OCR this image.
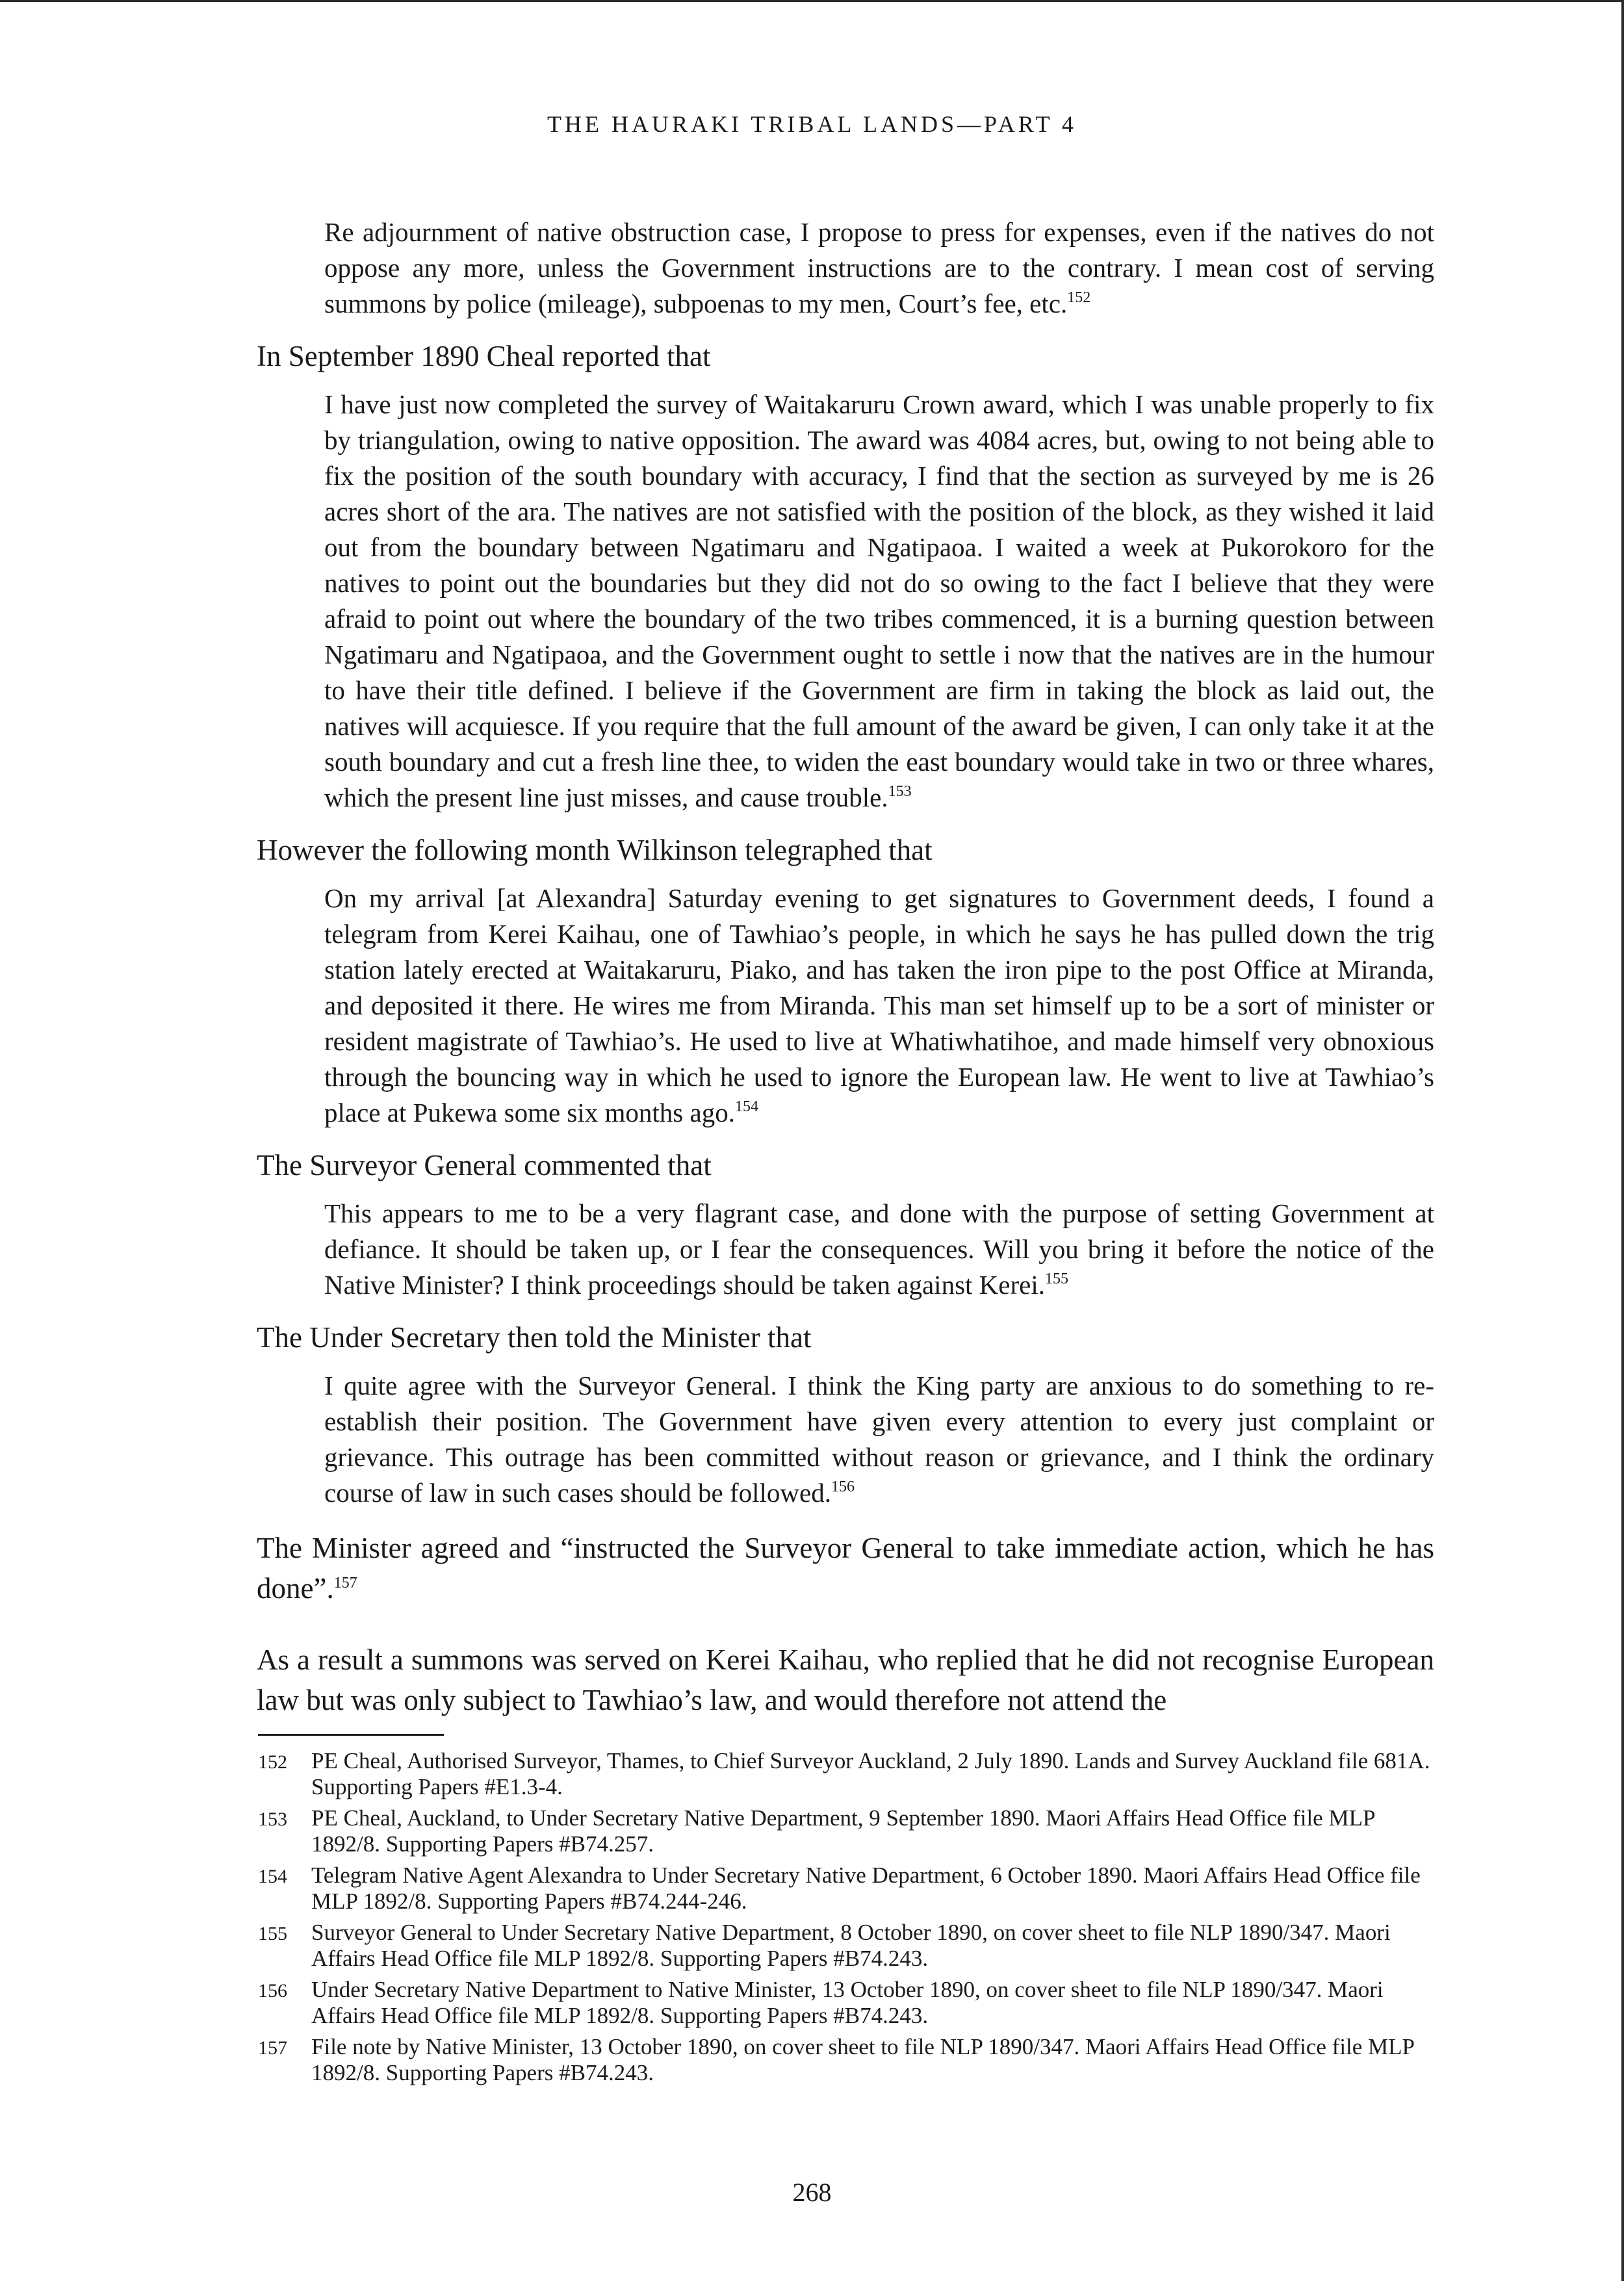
THE HAURAKI TRIBAL LANDS—PART 4
Re adjournment of native obstruction case, I propose to press for expenses, even if the natives do not oppose any more, unless the Government instructions are to the contrary. I mean cost of serving summons by police (mileage), subpoenas to my men, Court’s fee, etc.$^{152}$
In September 1890 Cheal reported that
I have just now completed the survey of Waitakaruru Crown award, which I was unable properly to fix by triangulation, owing to native opposition. The award was 4084 acres, but, owing to not being able to fix the position of the south boundary with accuracy, I find that the section as surveyed by me is 26 acres short of the ara. The natives are not satisfied with the position of the block, as they wished it laid out from the boundary between Ngatimaru and Ngatipaoa. I waited a week at Pukorokoro for the natives to point out the boundaries but they did not do so owing to the fact I believe that they were afraid to point out where the boundary of the two tribes commenced, it is a burning question between Ngatimaru and Ngatipaoa, and the Government ought to settle i now that the natives are in the humour to have their title defined. I believe if the Government are firm in taking the block as laid out, the natives will acquiesce. If you require that the full amount of the award be given, I can only take it at the south boundary and cut a fresh line thee, to widen the east boundary would take in two or three whares, which the present line just misses, and cause trouble.$^{153}$
However the following month Wilkinson telegraphed that
On my arrival [at Alexandra] Saturday evening to get signatures to Government deeds, I found a telegram from Kerei Kaihau, one of Tawhiao’s people, in which he says he has pulled down the trig station lately erected at Waitakaruru, Piako, and has taken the iron pipe to the post Office at Miranda, and deposited it there. He wires me from Miranda. This man set himself up to be a sort of minister or resident magistrate of Tawhiao’s. He used to live at Whatiwhatihoe, and made himself very obnoxious through the bouncing way in which he used to ignore the European law. He went to live at Tawhiao’s place at Pukewa some six months ago.$^{154}$
The Surveyor General commented that
This appears to me to be a very flagrant case, and done with the purpose of setting Government at defiance. It should be taken up, or I fear the consequences. Will you bring it before the notice of the Native Minister? I think proceedings should be taken against Kerei.$^{155}$
The Under Secretary then told the Minister that
I quite agree with the Surveyor General. I think the King party are anxious to do something to re-establish their position. The Government have given every attention to every just complaint or grievance. This outrage has been committed without reason or grievance, and I think the ordinary course of law in such cases should be followed.$^{156}$
The Minister agreed and “instructed the Surveyor General to take immediate action, which he has done”.$^{157}$
As a result a summons was served on Kerei Kaihau, who replied that he did not recognise European law but was only subject to Tawhiao’s law, and would therefore not attend the
152	PE Cheal, Authorised Surveyor, Thames, to Chief Surveyor Auckland, 2 July 1890. Lands and Survey Auckland file 681A. Supporting Papers #E1.3-4.
153	PE Cheal, Auckland, to Under Secretary Native Department, 9 September 1890. Maori Affairs Head Office file MLP 1892/8. Supporting Papers #B74.257.
154	Telegram Native Agent Alexandra to Under Secretary Native Department, 6 October 1890. Maori Affairs Head Office file MLP 1892/8. Supporting Papers #B74.244-246.
155	Surveyor General to Under Secretary Native Department, 8 October 1890, on cover sheet to file NLP 1890/347. Maori Affairs Head Office file MLP 1892/8. Supporting Papers #B74.243.
156	Under Secretary Native Department to Native Minister, 13 October 1890, on cover sheet to file NLP 1890/347. Maori Affairs Head Office file MLP 1892/8. Supporting Papers #B74.243.
157	File note by Native Minister, 13 October 1890, on cover sheet to file NLP 1890/347. Maori Affairs Head Office file MLP 1892/8. Supporting Papers #B74.243.
268
